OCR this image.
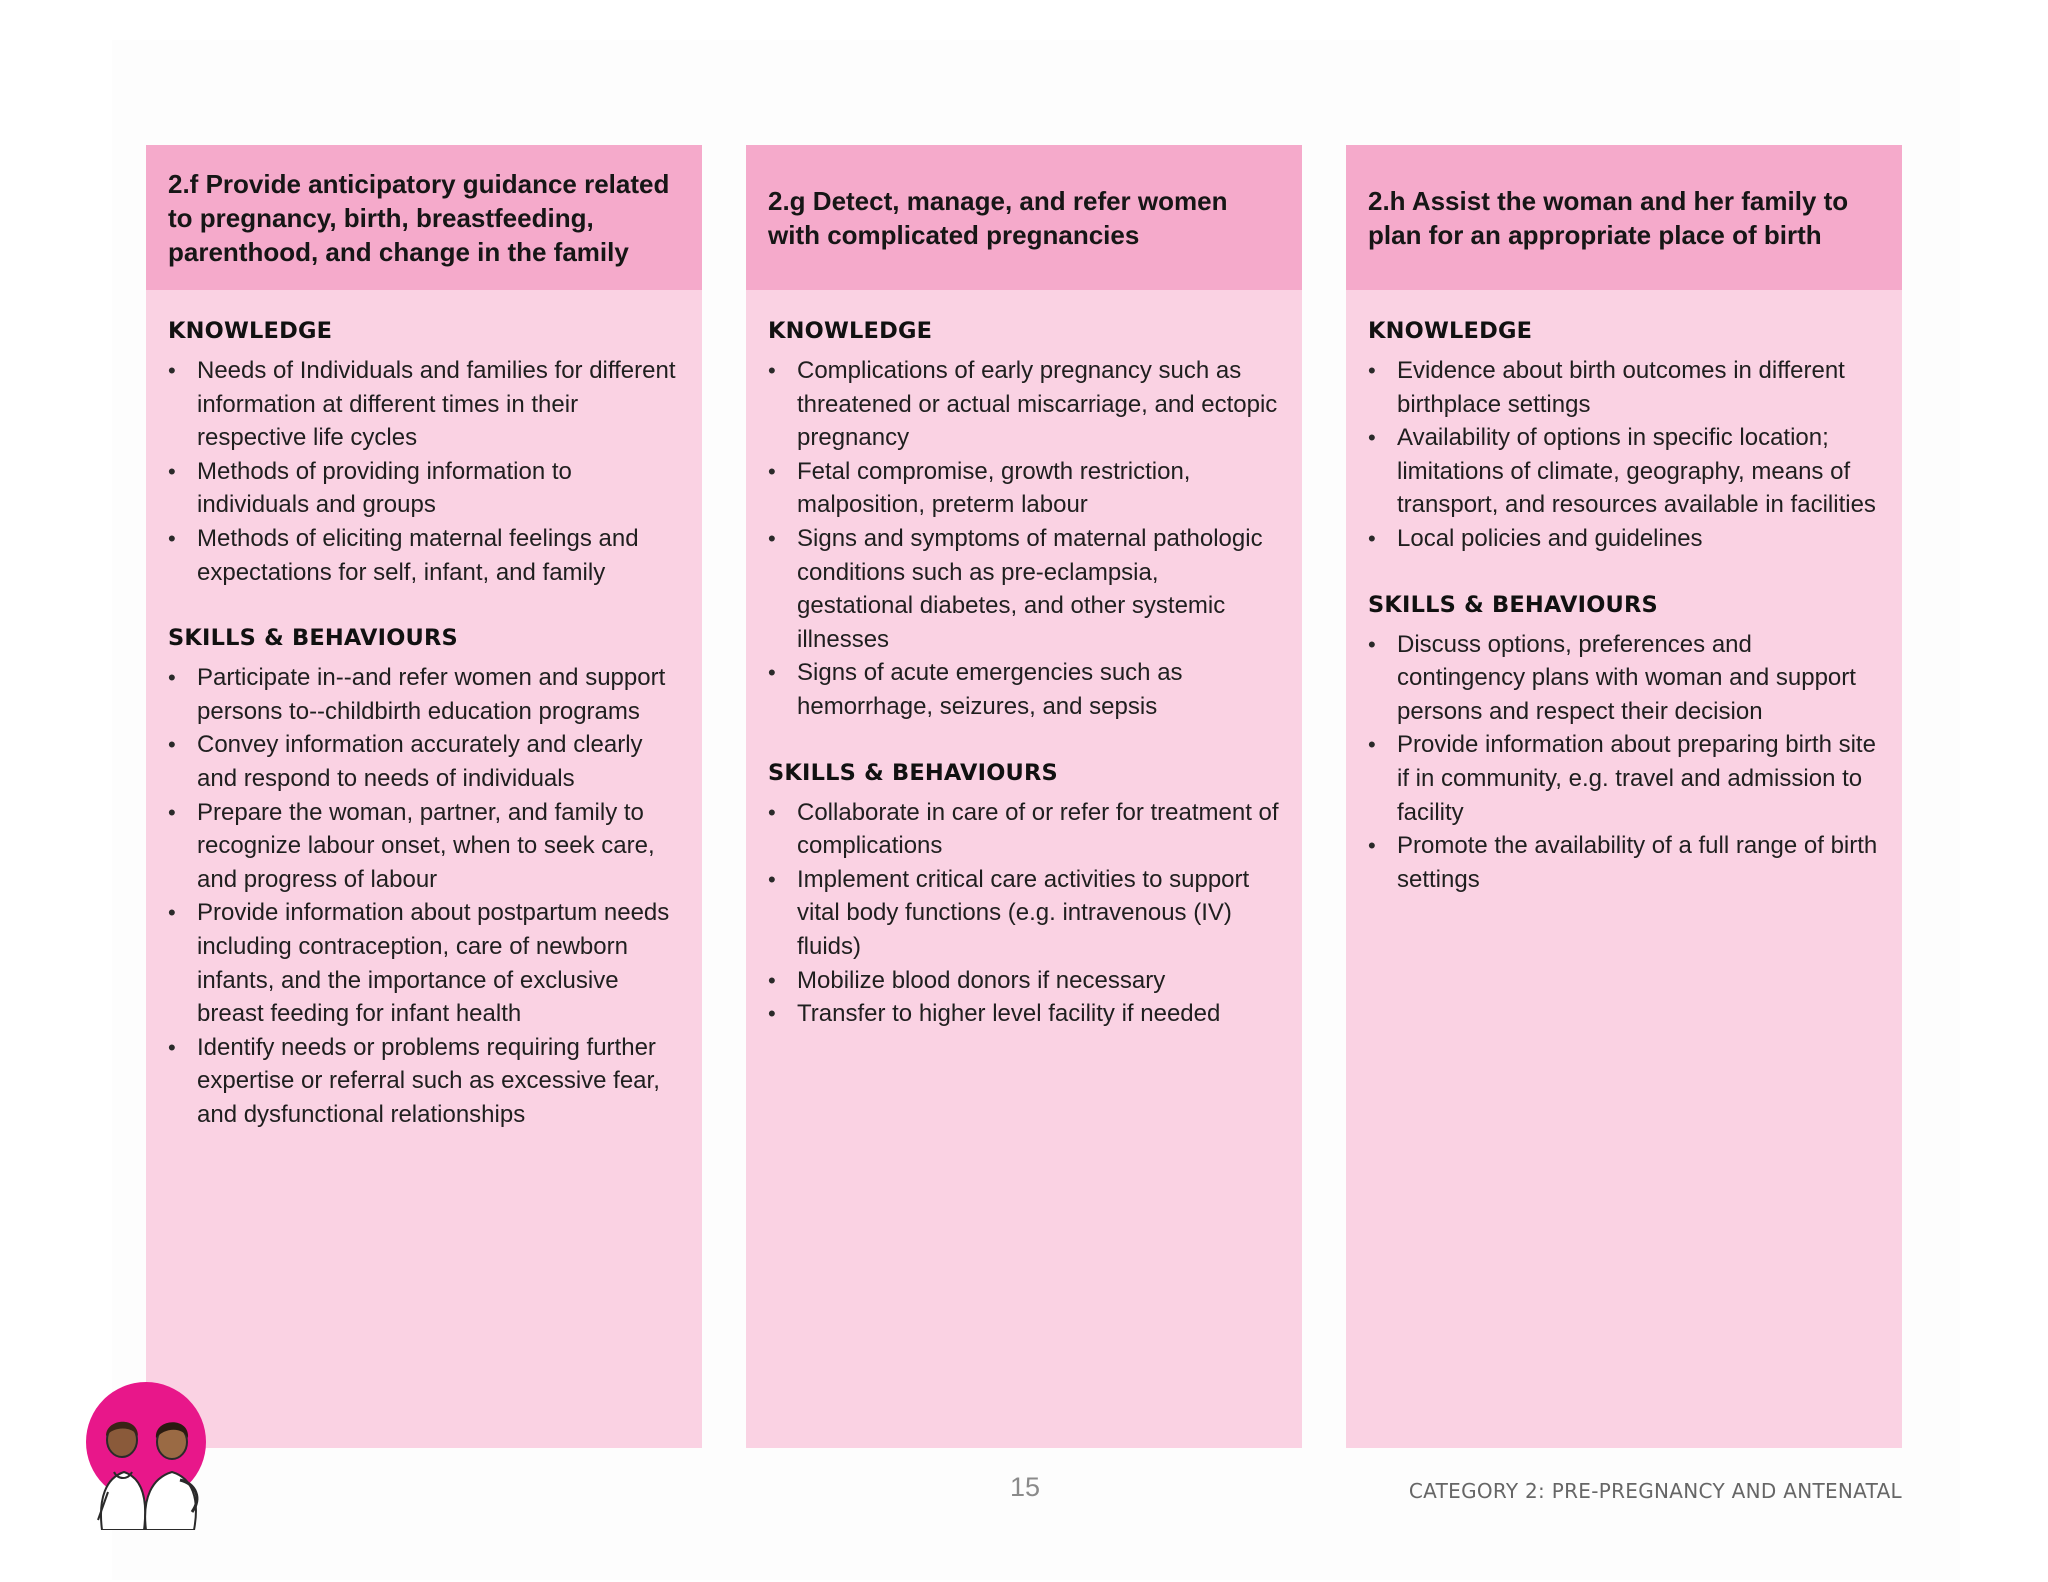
2.f Provide anticipatory guidance related to pregnancy, birth, breastfeeding, parenthood, and change in the family
KNOWLEDGE
• Needs of Individuals and families for different information at different times in their respective life cycles
• Methods of providing information to individuals and groups
• Methods of eliciting maternal feelings and expectations for self, infant, and family
SKILLS & BEHAVIOURS
• Participate in--and refer women and support persons to--childbirth education programs
• Convey information accurately and clearly and respond to needs of individuals
• Prepare the woman, partner, and family to recognize labour onset, when to seek care, and progress of labour
• Provide information about postpartum needs including contraception, care of newborn infants, and the importance of exclusive breast feeding for infant health
• Identify needs or problems requiring further expertise or referral such as excessive fear, and dysfunctional relationships
2.g Detect, manage, and refer women with complicated pregnancies
KNOWLEDGE
• Complications of early pregnancy such as threatened or actual miscarriage, and ectopic pregnancy
• Fetal compromise, growth restriction, malposition, preterm labour
• Signs and symptoms of maternal pathologic conditions such as pre-eclampsia, gestational diabetes, and other systemic illnesses
• Signs of acute emergencies such as hemorrhage, seizures, and sepsis
SKILLS & BEHAVIOURS
• Collaborate in care of or refer for treatment of complications
• Implement critical care activities to support vital body functions (e.g. intravenous (IV) fluids)
• Mobilize blood donors if necessary
• Transfer to higher level facility if needed
2.h Assist the woman and her family to plan for an appropriate place of birth
KNOWLEDGE
• Evidence about birth outcomes in different birthplace settings
• Availability of options in specific location; limitations of climate, geography, means of transport, and resources available in facilities
• Local policies and guidelines
SKILLS & BEHAVIOURS
• Discuss options, preferences and contingency plans with woman and support persons and respect their decision
• Provide information about preparing birth site if in community, e.g. travel and admission to facility
• Promote the availability of a full range of birth settings
15	CATEGORY 2: PRE-PREGNANCY AND ANTENATAL
